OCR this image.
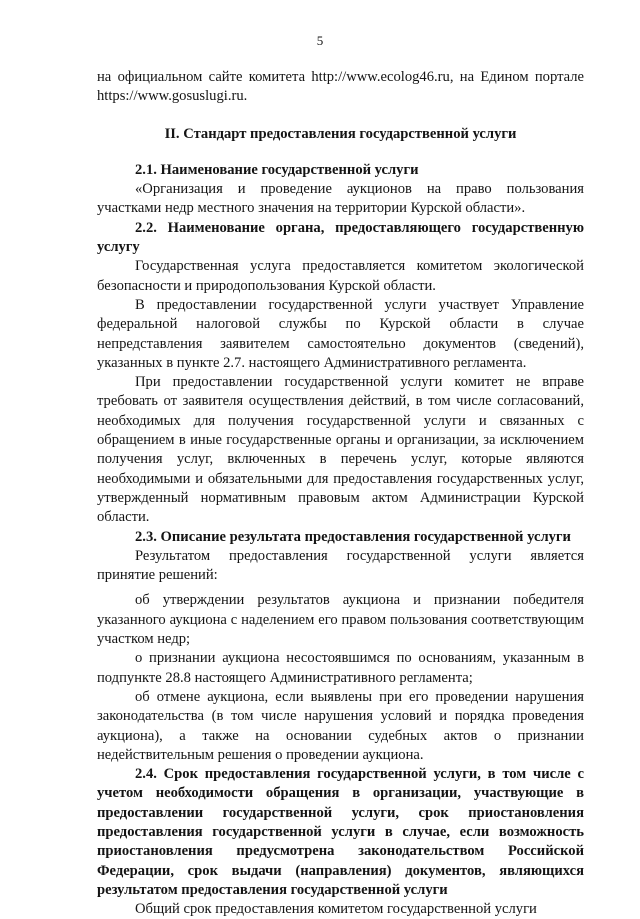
5

на официальном сайте комитета http://www.ecolog46.ru, на Едином портале https://www.gosuslugi.ru.

II. Стандарт предоставления государственной услуги

2.1. Наименование государственной услуги

«Организация и проведение аукционов на право пользования участками недр местного значения на территории Курской области».

2.2. Наименование органа, предоставляющего государственную услугу

Государственная услуга предоставляется комитетом экологической безопасности и природопользования Курской области.

В предоставлении государственной услуги участвует Управление федеральной налоговой службы по Курской области в случае непредставления заявителем самостоятельно документов (сведений), указанных в пункте 2.7. настоящего Административного регламента.

При предоставлении государственной услуги комитет не вправе требовать от заявителя осуществления действий, в том числе согласований, необходимых для получения государственной услуги и связанных с обращением в иные государственные органы и организации, за исключением получения услуг, включенных в перечень услуг, которые являются необходимыми и обязательными для предоставления государственных услуг, утвержденный нормативным правовым актом Администрации Курской области.

2.3. Описание результата предоставления государственной услуги

Результатом предоставления государственной услуги является принятие решений:

об утверждении результатов аукциона и признании победителя указанного аукциона с наделением его правом пользования соответствующим участком недр;

о признании аукциона несостоявшимся по основаниям, указанным в подпункте 28.8 настоящего Административного регламента;

об отмене аукциона, если выявлены при его проведении нарушения законодательства (в том числе нарушения условий и порядка проведения аукциона), а также на основании судебных актов о признании недействительным решения о проведении аукциона.

2.4. Срок предоставления государственной услуги, в том числе с учетом необходимости обращения в организации, участвующие в предоставлении государственной услуги, срок приостановления предоставления государственной услуги в случае, если возможность приостановления предусмотрена законодательством Российской Федерации, срок выдачи (направления) документов, являющихся результатом предоставления государственной услуги

Общий срок предоставления комитетом государственной услуги
